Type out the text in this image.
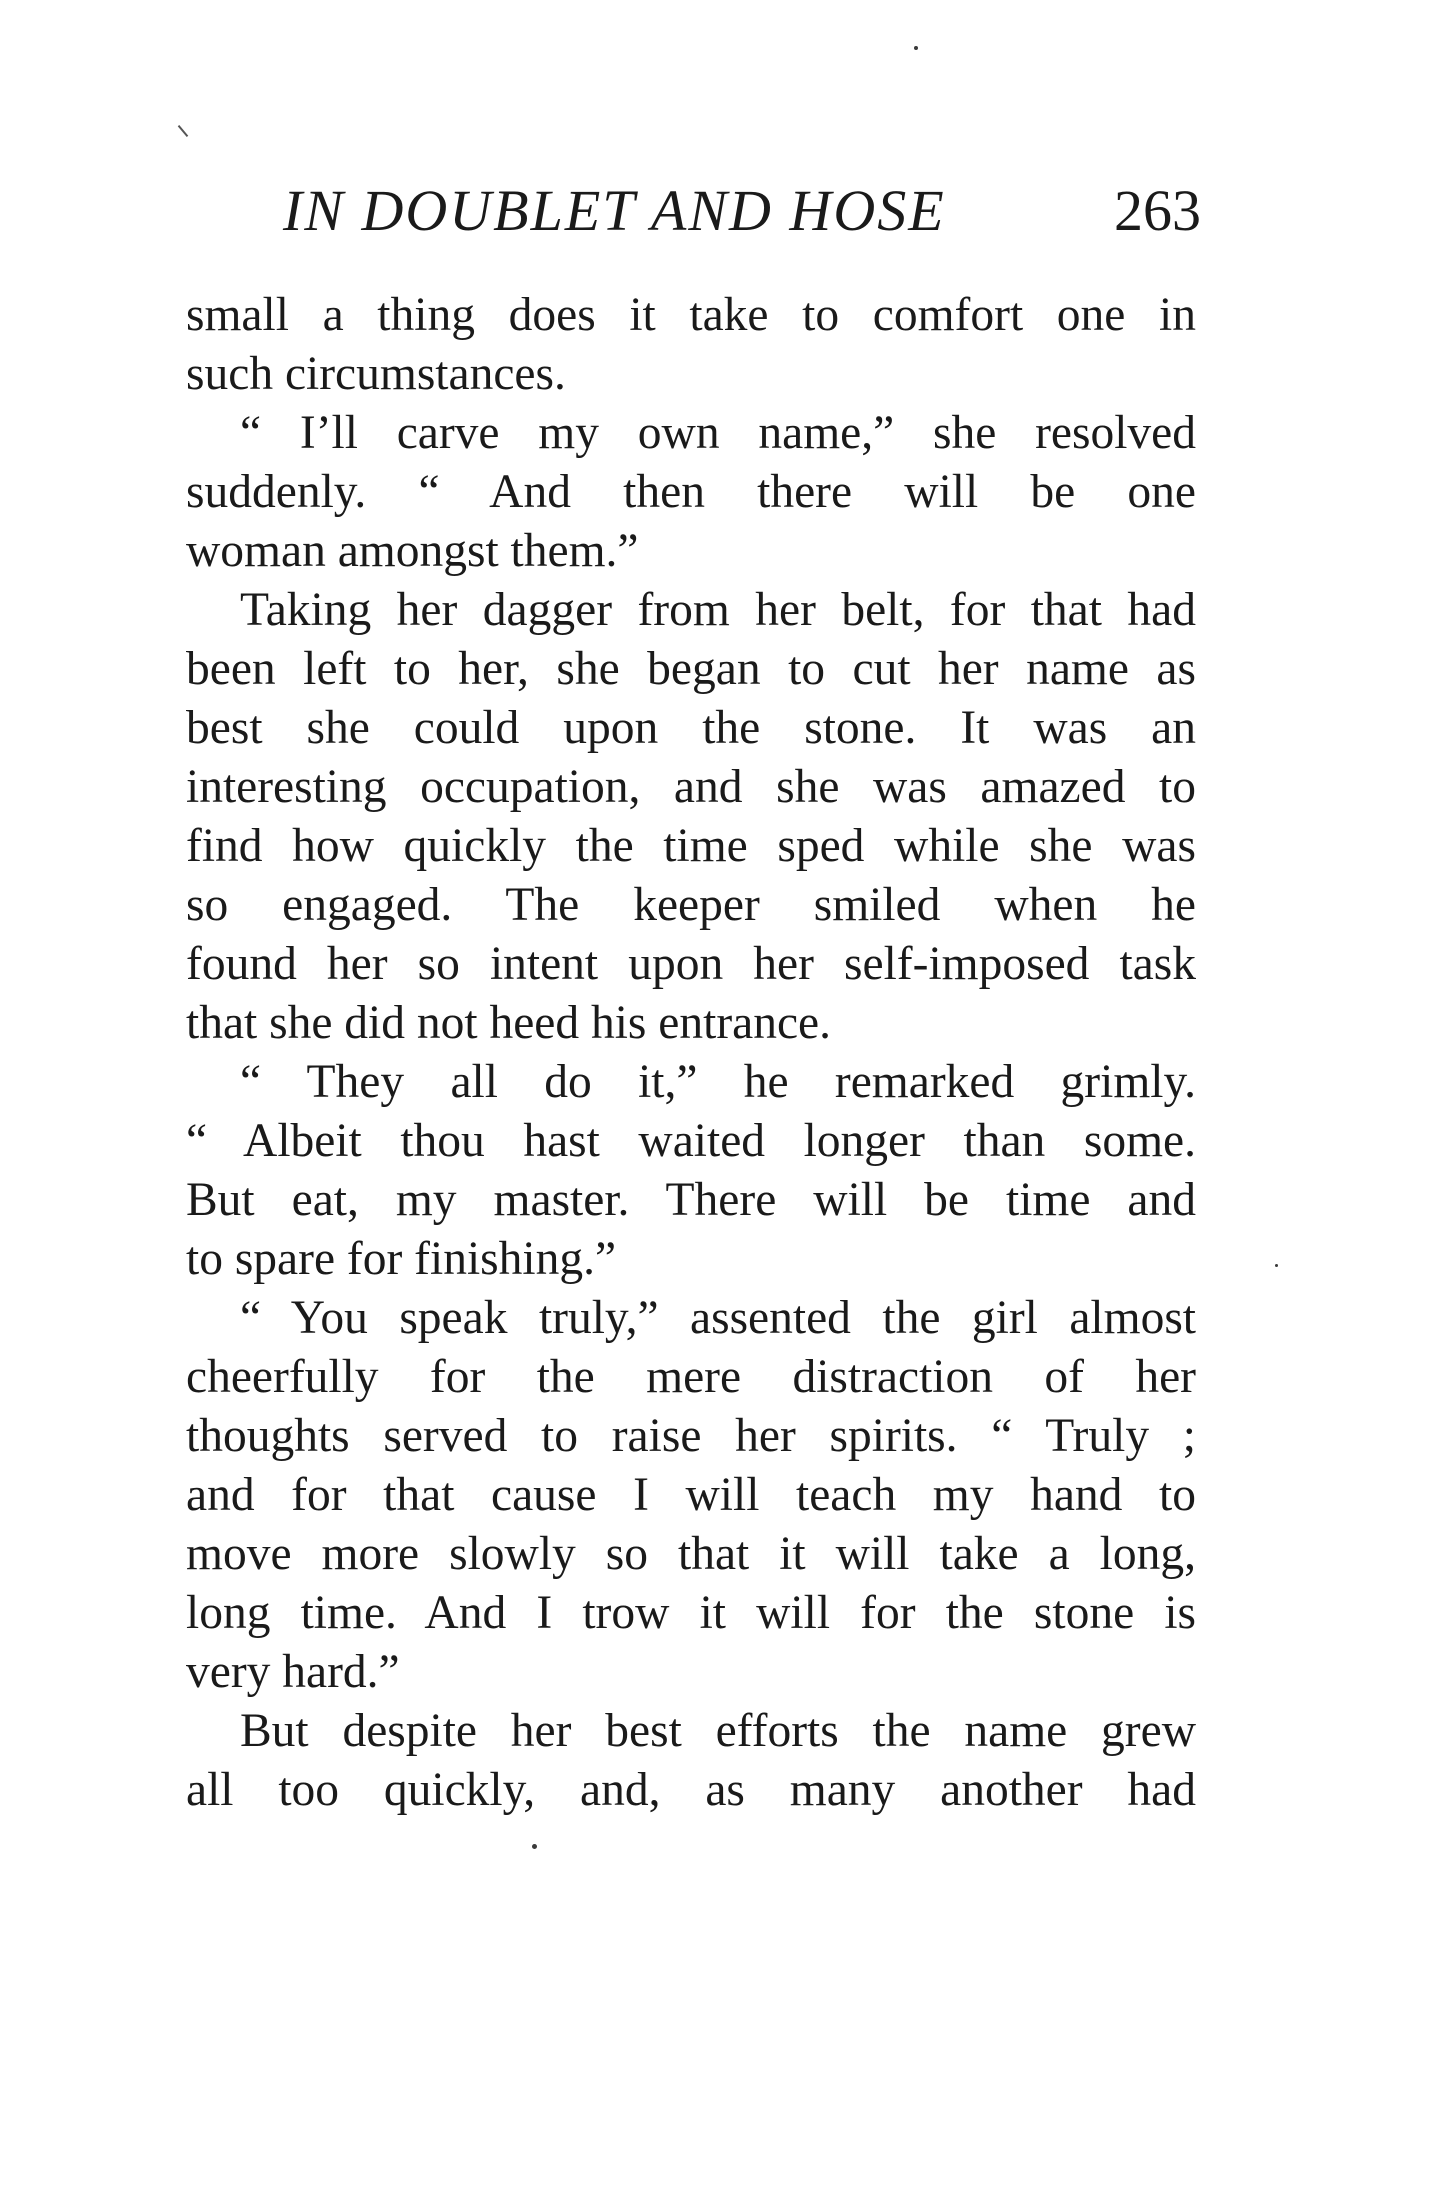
IN DOUBLET AND HOSE	263
small a thing does it take to comfort one in
such circumstances.
“ I’ll carve my own name,” she resolved
suddenly. “ And then there will be one
woman amongst them.”
Taking her dagger from her belt, for that had
been left to her, she began to cut her name as
best she could upon the stone. It was an
interesting occupation, and she was amazed to
find how quickly the time sped while she was
so engaged. The keeper smiled when he
found her so intent upon her self-imposed task
that she did not heed his entrance.
“ They all do it,” he remarked grimly.
“ Albeit thou hast waited longer than some.
But eat, my master. There will be time and
to spare for finishing.”
“ You speak truly,” assented the girl almost
cheerfully for the mere distraction of her
thoughts served to raise her spirits. “ Truly ;
and for that cause I will teach my hand to
move more slowly so that it will take a long,
long time. And I trow it will for the stone is
very hard.”
But despite her best efforts the name grew
all too quickly, and, as many another had
